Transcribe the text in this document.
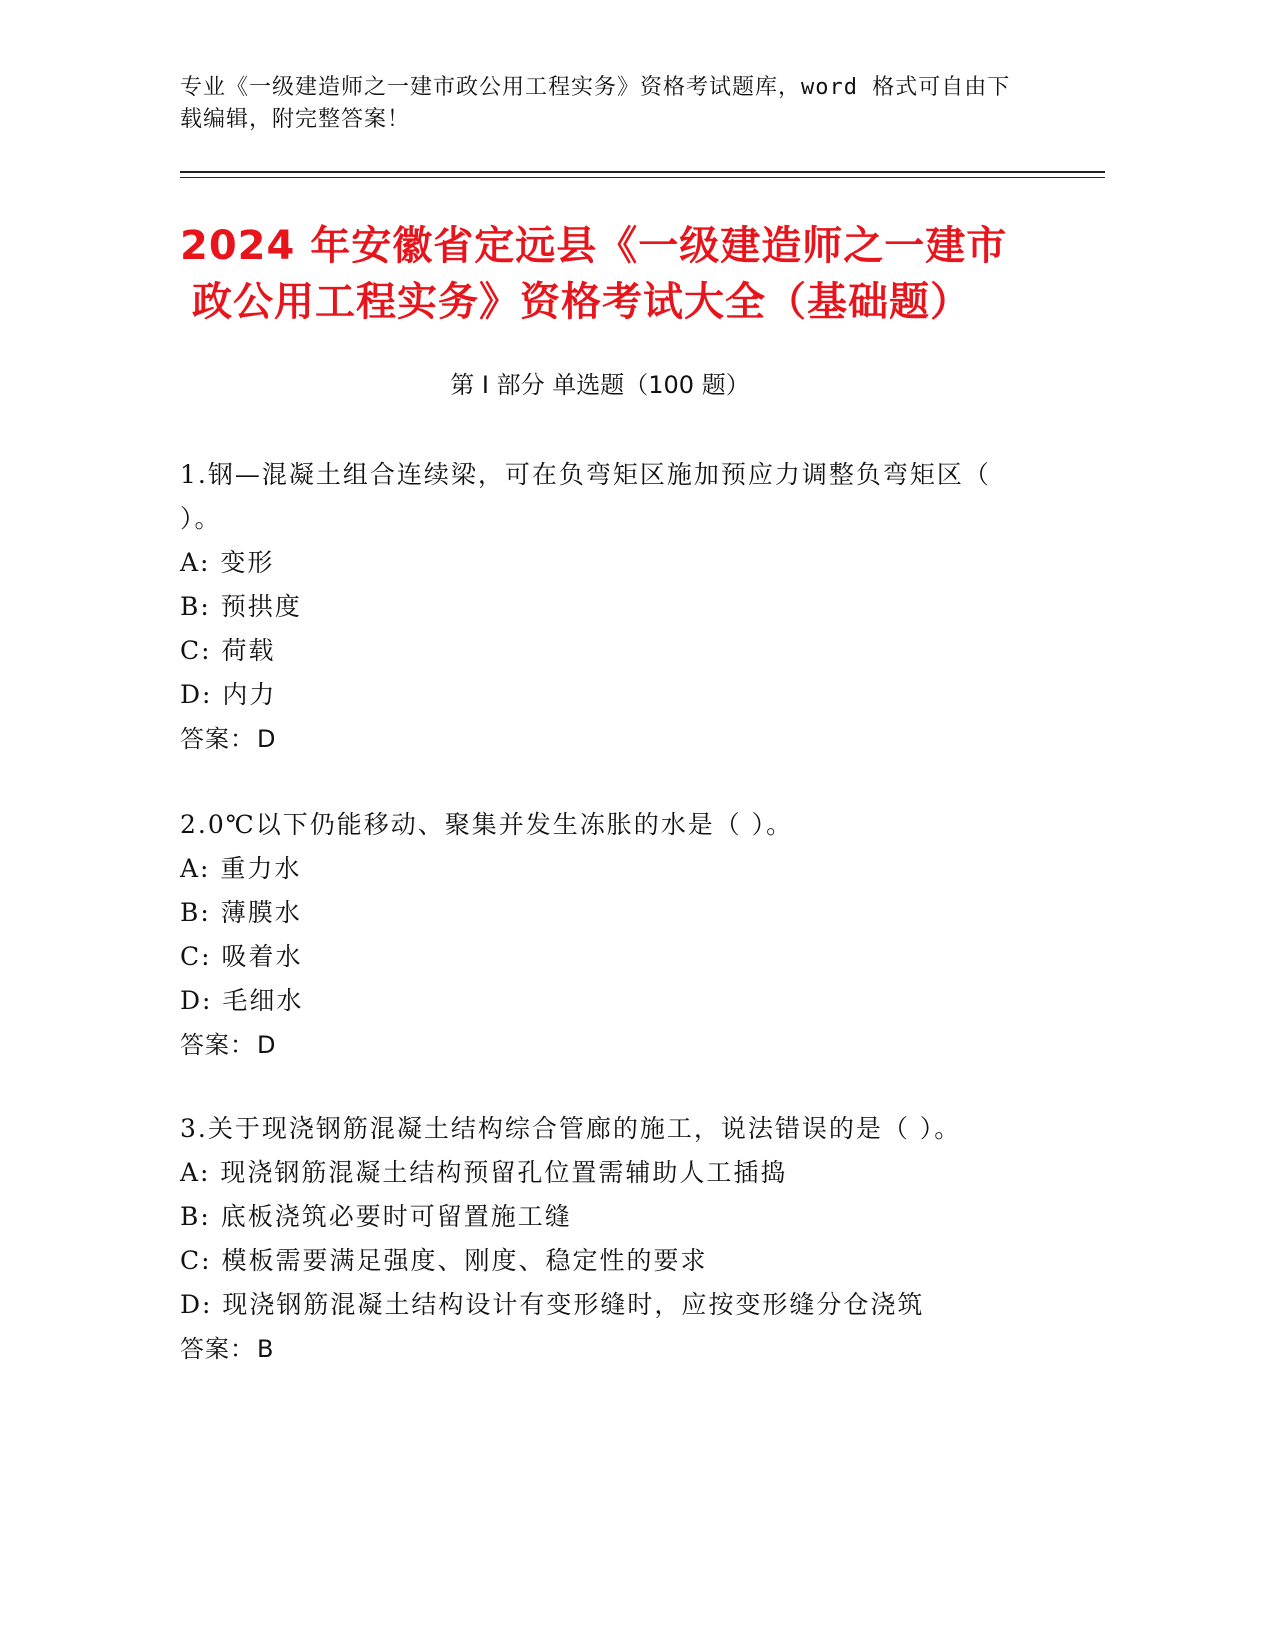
专业《一级建造师之一建市政公用工程实务》资格考试题库，word 格式可自由下
载编辑，附完整答案！
2024 年安徽省定远县《一级建造师之一建市
政公用工程实务》资格考试大全（基础题）
第 I 部分 单选题（100 题）

1.钢—混凝土组合连续梁，可在负弯矩区施加预应力调整负弯矩区（

）。

A: 变形

B: 预拱度

C: 荷载

D: 内力

答案：D

2.0℃以下仍能移动、聚集并发生冻胀的水是（ ）。

A: 重力水

B: 薄膜水

C: 吸着水

D: 毛细水

答案：D

3.关于现浇钢筋混凝土结构综合管廊的施工，说法错误的是（ ）。

A: 现浇钢筋混凝土结构预留孔位置需辅助人工插捣

B: 底板浇筑必要时可留置施工缝

C: 模板需要满足强度、刚度、稳定性的要求

D: 现浇钢筋混凝土结构设计有变形缝时，应按变形缝分仓浇筑

答案：B
